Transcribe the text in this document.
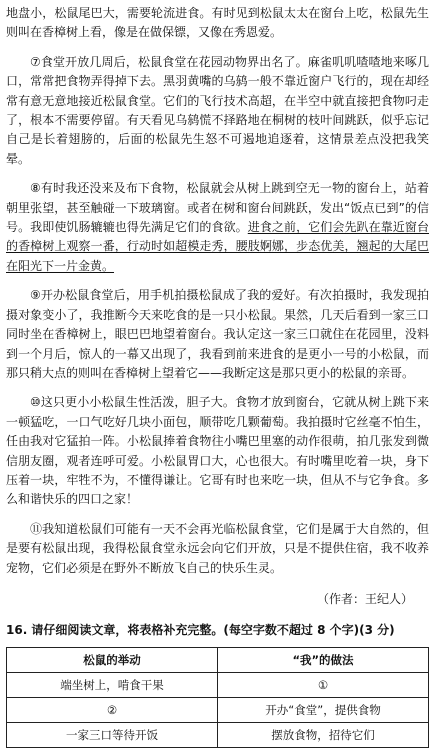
地盘小，松鼠尾巴大，需要轮流进食。有时见到松鼠太太在窗台上吃，松鼠先生则叫在香樟树上看，像是在做保镖，又像在秀恩爱。

⑦食堂开放几周后，松鼠食堂在花园动物界出名了。麻雀叽叽喳喳地来啄几口，常常把食物弄得掉下去。黑羽黄嘴的乌鸫一般不靠近窗户飞行的，现在却经常有意无意地接近松鼠食堂。它们的飞行技术高超，在半空中就直接把食物叼走了，根本不需要停留。有天看见乌鸫慌不择路地在桐树的枝叶间跳跃，似乎忘记自己是长着翅膀的，后面的松鼠先生怒不可遏地追逐着，这情景差点没把我笑晕。

⑧有时我还没来及布下食物，松鼠就会从树上跳到空无一物的窗台上，站着朝里张望，甚至触碰一下玻璃窗。或者在树和窗台间跳跃，发出“饭点已到”的信号。我即使饥肠辘辘也得先满足它们的食欲。进食之前，它们会先趴在靠近窗台的香樟树上观察一番，行动时如超模走秀，腰肢婀娜，步态优美，翘起的大尾巴在阳光下一片金黄。

⑨开办松鼠食堂后，用手机拍摄松鼠成了我的爱好。有次拍摄时，我发现拍摄对象变小了，我推断今天来吃食的是一只小松鼠。果然，几天后看到一家三口同时坐在香樟树上，眼巴巴地望着窗台。我认定这一家三口就住在花园里，没料到一个月后，惊人的一幕又出现了，我看到前来进食的是更小一号的小松鼠，而那只稍大点的则叫在香樟树上望着它——我断定这是那只更小的松鼠的亲哥。

⑩这只更小小松鼠生性活泼，胆子大。食物才放到窗台，它就从树上跳下来一顿猛吃，一口气吃好几块小面包，顺带吃几颗葡萄。我拍摄时它丝毫不怕生，任由我对它猛拍一阵。小松鼠捧着食物往小嘴巴里塞的动作很萌，拍几张发到微信朋友圈，观者连呼可爱。小松鼠胃口大，心也很大。有时嘴里吃着一块，身下压着一块，牢牲不为，不懂得谦让。它哥有时也来吃一块，但从不与它争食。多么和谐快乐的四口之家！

⑪我知道松鼠们可能有一天不会再光临松鼠食堂，它们是属于大自然的，但是要有松鼠出现，我得松鼠食堂永远会向它们开放，只是不提供住宿，我不收养宠物，它们必须是在野外不断放飞自己的快乐生灵。

（作者：王纪人）

16. 请仔细阅读文章，将表格补充完整。(每空字数不超过 8 个字)(3 分)

松鼠的举动	“我”的做法
端坐树上，啃食干果	①
②	开办“食堂”，提供食物
一家三口等待开饭	摆放食物，招待它们
